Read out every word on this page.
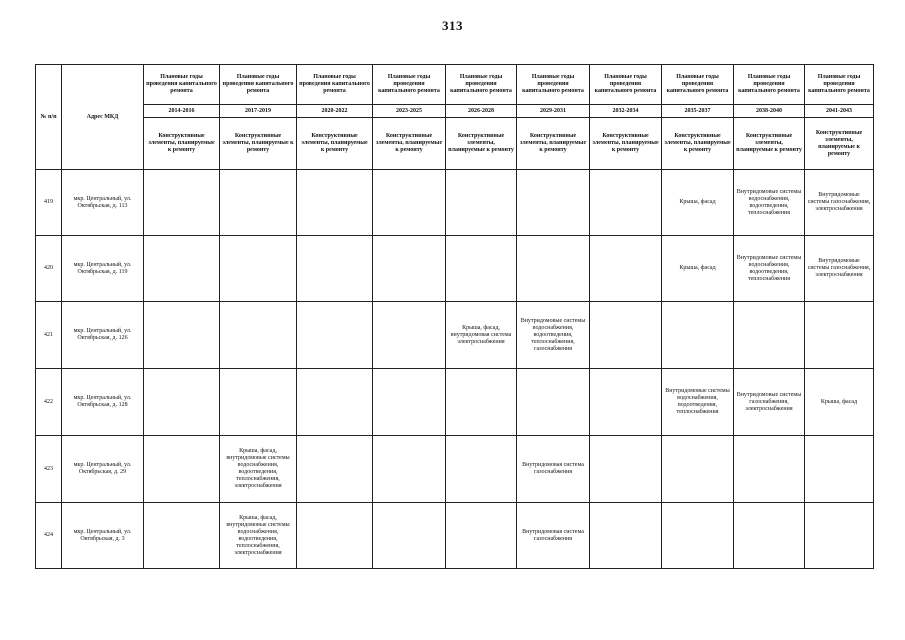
313
№ п/п	Адрес МКД	Плановые годы проведения капитального ремонта	Плановые годы проведения капитального ремонта	Плановые годы проведения капитального ремонта	Плановые годы проведения капитального ремонта	Плановые годы проведения капитального ремонта	Плановые годы проведения капитального ремонта	Плановые годы проведения капитального ремонта	Плановые годы проведения капитального ремонта	Плановые годы проведения капитального ремонта	Плановые годы проведения капитального ремонта
		2014-2016	2017-2019	2020-2022	2023-2025	2026-2028	2029-2031	2032-2034	2035-2037	2038-2040	2041-2043
		Конструктивные элементы, планируемые к ремонту	Конструктивные элементы, планируемые к ремонту	Конструктивные элементы, планируемые к ремонту	Конструктивные элементы, планируемые к ремонту	Конструктивные элементы, планируемые к ремонту	Конструктивные элементы, планируемые к ремонту	Конструктивные элементы, планируемые к ремонту	Конструктивные элементы, планируемые к ремонту	Конструктивные элементы, планируемые к ремонту	Конструктивные элементы, планируемые к ремонту
419	мкр. Центральный, ул. Октябрьская, д. 113								Крыша, фасад	Внутридомовые системы водоснабжения, водоотведения, теплоснабжения	Внутридомовые системы газоснабжения, электроснабжения
420	мкр. Центральный, ул. Октябрьская, д. 119								Крыша, фасад	Внутридомовые системы водоснабжения, водоотведения, теплоснабжения	Внутридомовые системы газоснабжения, электроснабжения
421	мкр. Центральный, ул. Октябрьская, д. 126					Крыша, фасад, внутридомовая система электроснабжения	Внутридомовые системы водоснабжения, водоотведения, теплоснабжения, газоснабжения				
422	мкр. Центральный, ул. Октябрьская, д. 128								Внутридомовые системы водоснабжения, водоотведения, теплоснабжения	Внутридомовые системы газоснабжения, электроснабжения	Крыша, фасад
423	мкр. Центральный, ул. Октябрьская, д. 29		Крыша, фасад, внутридомовые системы водоснабжения, водоотведения, теплоснабжения, электроснабжения				Внутридомовая система газоснабжения				
424	мкр. Центральный, ул. Октябрьская, д. 3		Крыша, фасад, внутридомовые системы водоснабжения, водоотведения, теплоснабжения, электроснабжения				Внутридомовая система газоснабжения				
